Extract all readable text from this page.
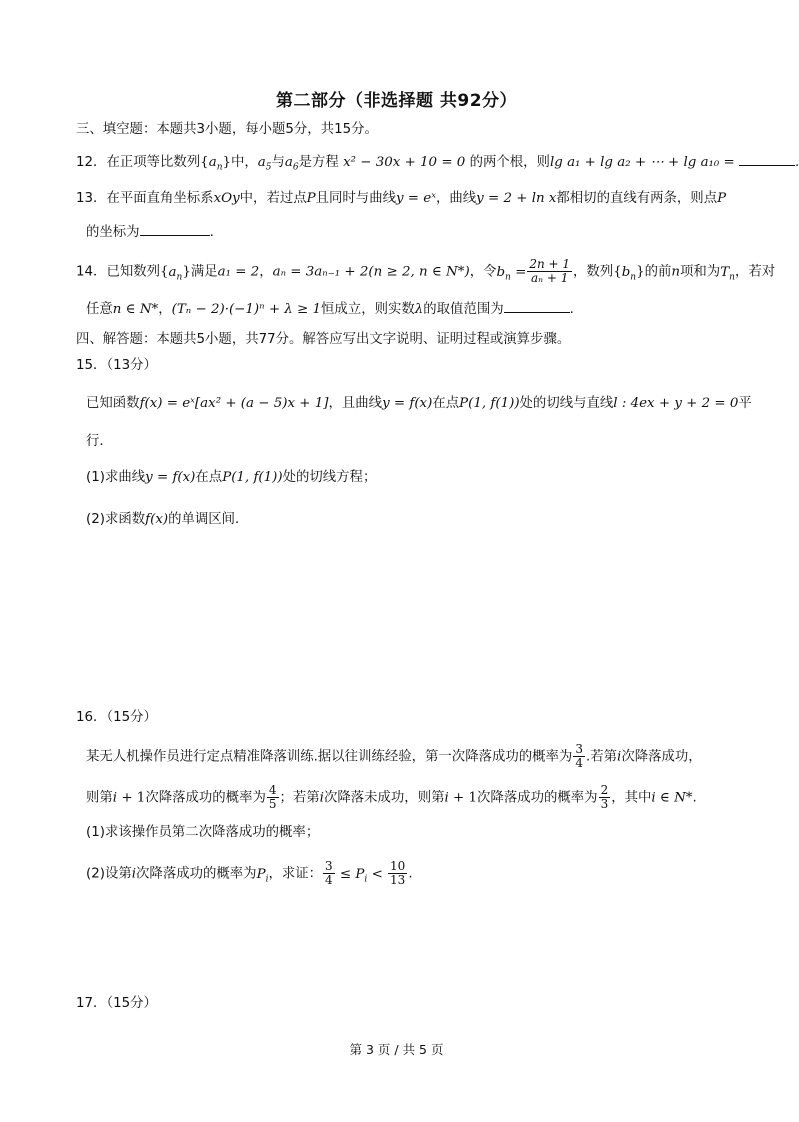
第二部分（非选择题 共92分）
三、填空题：本题共3小题，每小题5分，共15分。
12．在正项等比数列$\{a_n\}$中，$a_5$与$a_6$是方程 x² − 30x + 10 = 0 的两个根，则lg a₁ + lg a₂ + ⋯ + lg a₁₀ =	.
13．在平面直角坐标系xOy中，若过点P且同时与曲线y = eˣ，曲线y = 2 + ln x都相切的直线有两条，则点P
的坐标为	.
14．已知数列$\{a_n\}$满足a₁ = 2，aₙ = 3aₙ₋₁ + 2(n ≥ 2, n ∈ N*)，令$b_n = \frac{2n + 1}{\text{aₙ + 1}}$ ，数列$\{b_n\}$的前n项和为$T_n$，若对
任意n ∈ N*，(Tₙ − 2)·(−1)ⁿ + λ ≥ 1恒成立，则实数λ的取值范围为	.
四、解答题：本题共5小题，共77分。解答应写出文字说明、证明过程或演算步骤。
15．（13分）
已知函数f(x) = eˣ[ax² + (a − 5)x + 1]，且曲线y = f(x)在点P(1, f(1))处的切线与直线l : 4ex + y + 2 = 0平
行．
(1)求曲线y = f(x)在点P(1, f(1))处的切线方程；
(2)求函数f(x)的单调区间．
16．（15分）
某无人机操作员进行定点精准降落训练.据以往训练经验，第一次降落成功的概率为 $\frac{3}{4}$ .若第i次降落成功，
则第i + 1次降落成功的概率为 $\frac{4}{5}$ ；若第i次降落未成功，则第i + 1次降落成功的概率为 $\frac{2}{3}$ ，其中i ∈ N*.
(1)求该操作员第二次降落成功的概率；
(2)设第i次降落成功的概率为$P_i$，求证： $\frac{3}{4} \le P_i < \frac{10}{13}$ .
17．（15分）
第 3 页 / 共 5 页
